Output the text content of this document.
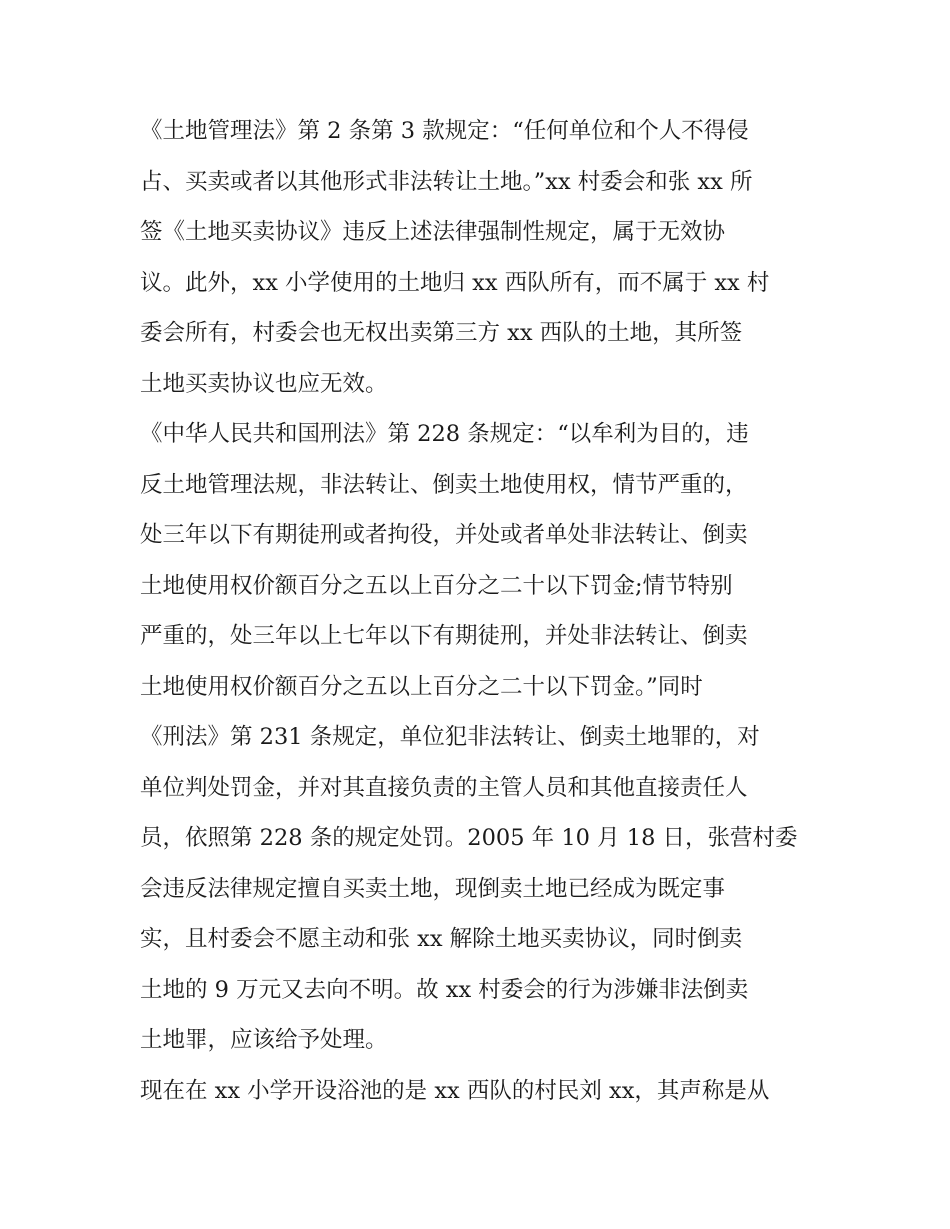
《土地管理法》第 2 条第 3 款规定：“任何单位和个人不得侵

占、买卖或者以其他形式非法转让土地。”xx 村委会和张 xx 所

签《土地买卖协议》违反上述法律强制性规定，属于无效协

议。此外，xx 小学使用的土地归 xx 西队所有，而不属于 xx 村

委会所有，村委会也无权出卖第三方 xx 西队的土地，其所签

土地买卖协议也应无效。

《中华人民共和国刑法》第 228 条规定：“以牟利为目的，违

反土地管理法规，非法转让、倒卖土地使用权，情节严重的，

处三年以下有期徒刑或者拘役，并处或者单处非法转让、倒卖

土地使用权价额百分之五以上百分之二十以下罚金;情节特别

严重的，处三年以上七年以下有期徒刑，并处非法转让、倒卖

土地使用权价额百分之五以上百分之二十以下罚金。”同时

《刑法》第 231 条规定，单位犯非法转让、倒卖土地罪的，对

单位判处罚金，并对其直接负责的主管人员和其他直接责任人

员，依照第 228 条的规定处罚。2005 年 10 月 18 日，张营村委

会违反法律规定擅自买卖土地，现倒卖土地已经成为既定事

实，且村委会不愿主动和张 xx 解除土地买卖协议，同时倒卖

土地的 9 万元又去向不明。故 xx 村委会的行为涉嫌非法倒卖

土地罪，应该给予处理。

现在在 xx 小学开设浴池的是 xx 西队的村民刘 xx，其声称是从
